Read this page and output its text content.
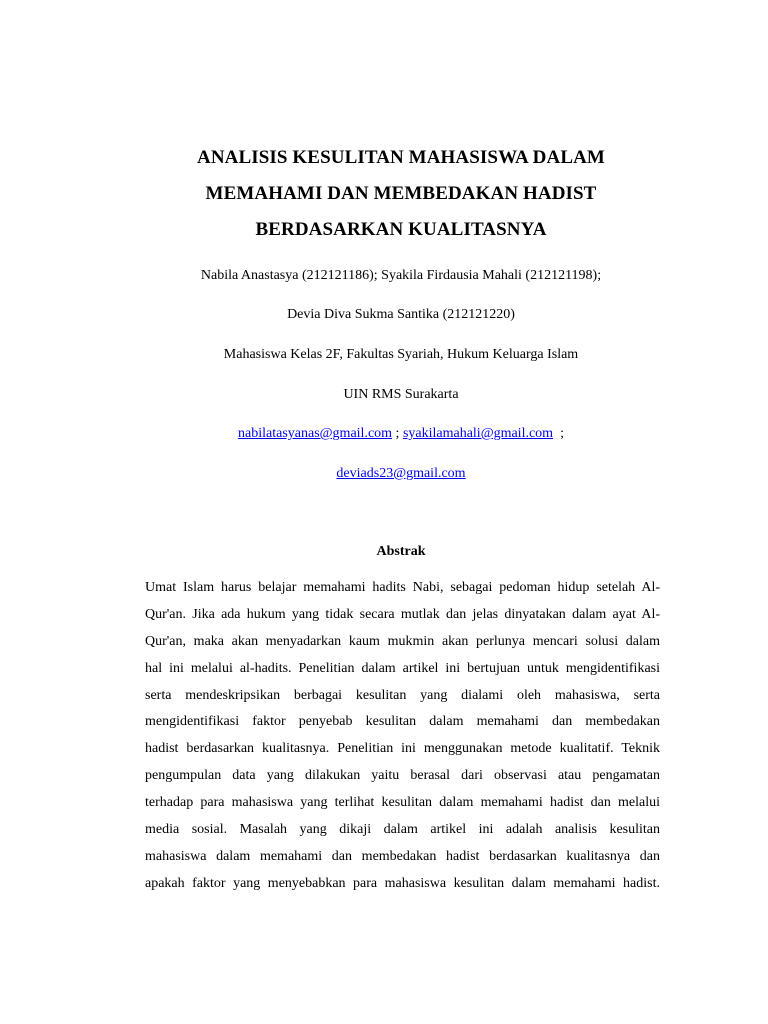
ANALISIS KESULITAN MAHASISWA DALAM
MEMAHAMI DAN MEMBEDAKAN HADIST
BERDASARKAN KUALITASNYA
Nabila Anastasya (212121186); Syakila Firdausia Mahali (212121198);
Devia Diva Sukma Santika (212121220)
Mahasiswa Kelas 2F, Fakultas Syariah, Hukum Keluarga Islam
UIN RMS Surakarta
nabilatasyanas@gmail.com ; syakilamahali@gmail.com  ;
deviads23@gmail.com
Abstrak
Umat Islam harus belajar memahami hadits Nabi, sebagai pedoman hidup setelah Al-
Qur'an. Jika ada hukum yang tidak secara mutlak dan jelas dinyatakan dalam ayat Al-
Qur'an, maka akan menyadarkan kaum mukmin akan perlunya mencari solusi dalam
hal ini melalui al-hadits. Penelitian dalam artikel ini bertujuan untuk mengidentifikasi
serta mendeskripsikan berbagai kesulitan yang dialami oleh mahasiswa, serta
mengidentifikasi faktor penyebab kesulitan dalam memahami dan membedakan
hadist berdasarkan kualitasnya. Penelitian ini menggunakan metode kualitatif. Teknik
pengumpulan data yang dilakukan yaitu berasal dari observasi atau pengamatan
terhadap para mahasiswa yang terlihat kesulitan dalam memahami hadist dan melalui
media sosial. Masalah yang dikaji dalam artikel ini adalah analisis kesulitan
mahasiswa dalam memahami dan membedakan hadist berdasarkan kualitasnya dan
apakah faktor yang menyebabkan para mahasiswa kesulitan dalam memahami hadist.
